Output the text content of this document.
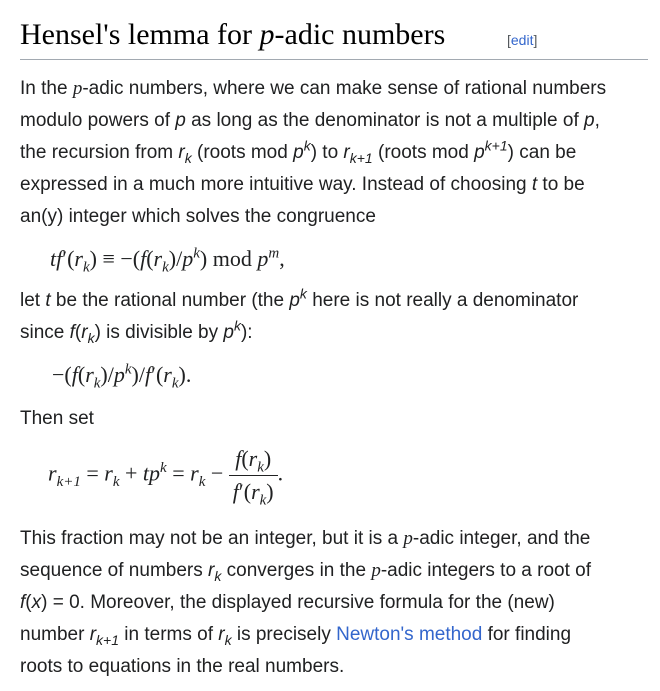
Hensel's lemma for p-adic numbers	[edit]
In the p-adic numbers, where we can make sense of rational numbers
modulo powers of p as long as the denominator is not a multiple of p,
the recursion from $r_k$ (roots mod $p^k$) to $r_{k+1}$ (roots mod $p^{k+1}$) can be
expressed in a much more intuitive way. Instead of choosing t to be
an(y) integer which solves the congruence
$tf'(r_k) \equiv -(f(r_k)/p^k)$ mod $p^m$,
let t be the rational number (the $p^k$ here is not really a denominator
since $f(r_k)$ is divisible by $p^k$):
$-(f(r_k)/p^k)/f'(r_k)$.
Then set
$r_{k+1} = r_k + tp^k = r_k - \frac{f(r_k)}{f'(r_k)}$ .
This fraction may not be an integer, but it is a p-adic integer, and the
sequence of numbers $r_k$ converges in the p-adic integers to a root of
f(x) = 0. Moreover, the displayed recursive formula for the (new)
number $r_{k+1}$ in terms of $r_k$ is precisely Newton's method for finding
roots to equations in the real numbers.
